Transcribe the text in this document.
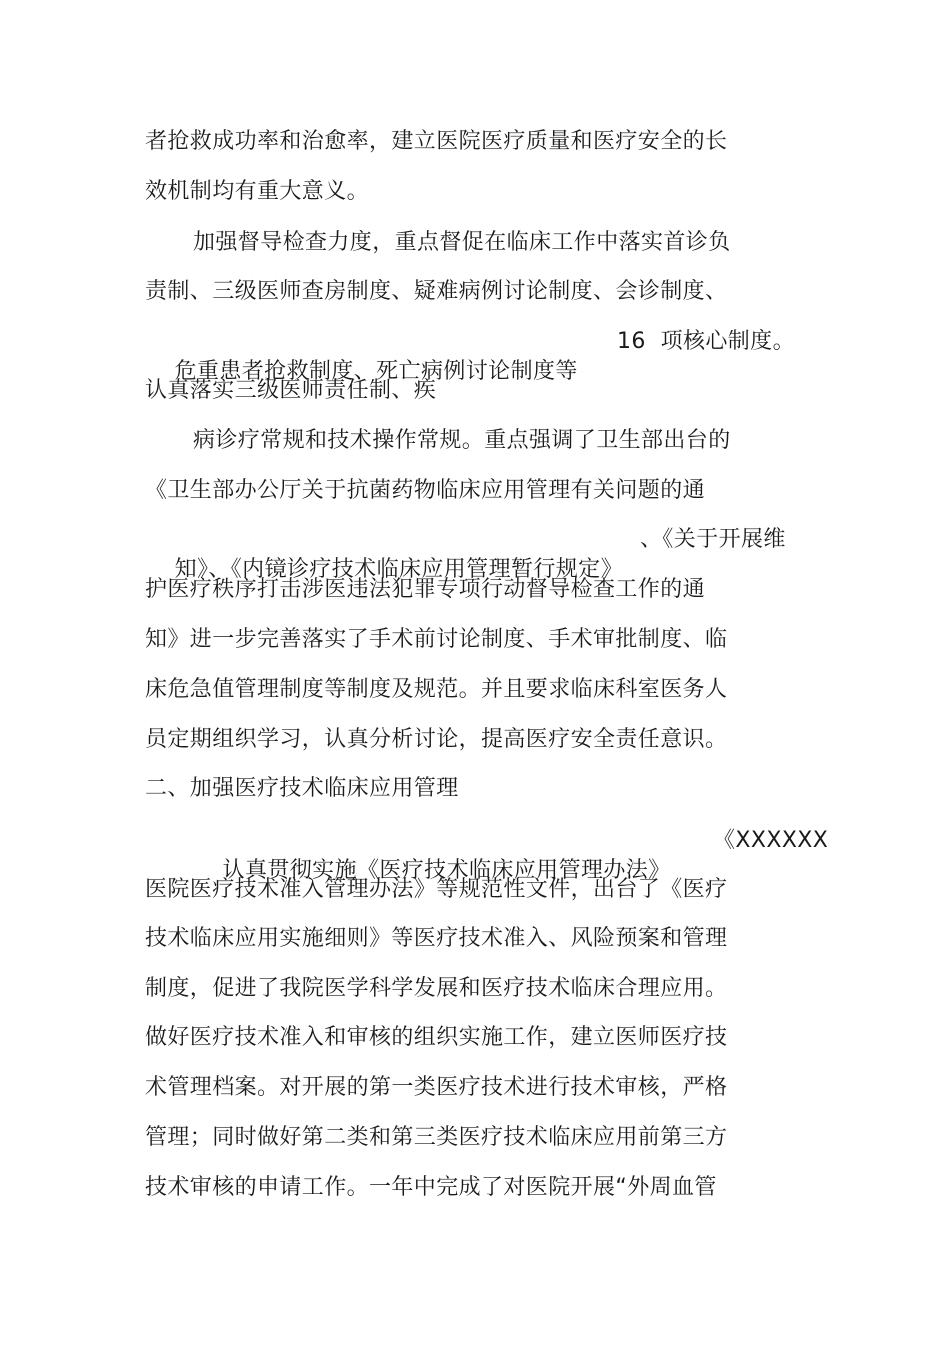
者抢救成功率和治愈率，建立医院医疗质量和医疗安全的长
效机制均有重大意义。
加强督导检查力度，重点督促在临床工作中落实首诊负
责制、三级医师查房制度、疑难病例讨论制度、会诊制度、

危重患者抢救制度、死亡病例讨论制度等

16  项核心制度。

认真落实三级医师责任制、疾
病诊疗常规和技术操作常规。重点强调了卫生部出台的
《卫生部办公厅关于抗菌药物临床应用管理有关问题的通

知》、《内镜诊疗技术临床应用管理暂行规定》

、《关于开展维

护医疗秩序打击涉医违法犯罪专项行动督导检查工作的通
知》进一步完善落实了手术前讨论制度、手术审批制度、临
床危急值管理制度等制度及规范。并且要求临床科室医务人
员定期组织学习，认真分析讨论，提高医疗安全责任意识。
二、加强医疗技术临床应用管理

认真贯彻实施《医疗技术临床应用管理办法》

《XXXXXX

医院医疗技术准入管理办法》等规范性文件，出台了《医疗
技术临床应用实施细则》等医疗技术准入、风险预案和管理
制度，促进了我院医学科学发展和医疗技术临床合理应用。
做好医疗技术准入和审核的组织实施工作，建立医师医疗技
术管理档案。对开展的第一类医疗技术进行技术审核，严格
管理；同时做好第二类和第三类医疗技术临床应用前第三方
技术审核的申请工作。一年中完成了对医院开展“外周血管
